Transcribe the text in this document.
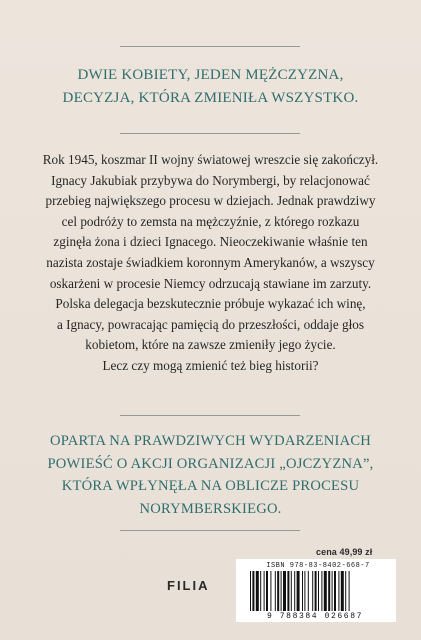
DWIE KOBIETY, JEDEN MĘŻCZYZNA,
DECYZJA, KTÓRA ZMIENIŁA WSZYSTKO.
Rok 1945, koszmar II wojny światowej wreszcie się zakończył.
Ignacy Jakubiak przybywa do Norymbergi, by relacjonować
przebieg największego procesu w dziejach. Jednak prawdziwy
cel podróży to zemsta na mężczyźnie, z którego rozkazu
zginęła żona i dzieci Ignacego. Nieoczekiwanie właśnie ten
nazista zostaje świadkiem koronnym Amerykanów, a wszyscy
oskarżeni w procesie Niemcy odrzucają stawiane im zarzuty.
Polska delegacja bezskutecznie próbuje wykazać ich winę,
a Ignacy, powracając pamięcią do przeszłości, oddaje głos
kobietom, które na zawsze zmieniły jego życie.
Lecz czy mogą zmienić też bieg historii?
OPARTA NA PRAWDZIWYCH WYDARZENIACH
POWIEŚĆ O AKCJI ORGANIZACJI „OJCZYZNA”,
KTÓRA WPŁYNĘŁA NA OBLICZE PROCESU
NORYMBERSKIEGO.
cena 49,99 zł
FILIA
ISBN 978-83-8402-668-7
9 788384 026687
